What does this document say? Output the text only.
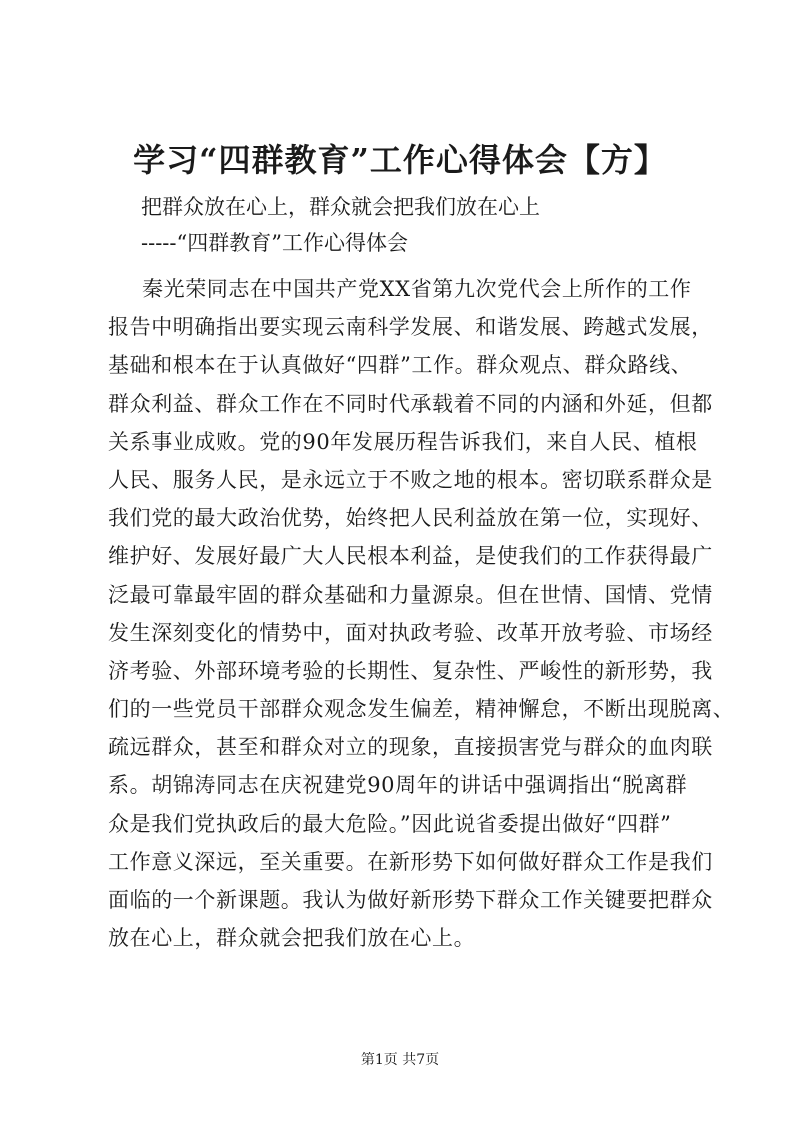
学习“四群教育”工作心得体会【方】
把群众放在心上，群众就会把我们放在心上
-----“四群教育”工作心得体会
秦光荣同志在中国共产党XX省第九次党代会上所作的工作
报告中明确指出要实现云南科学发展、和谐发展、跨越式发展，
基础和根本在于认真做好“四群”工作。群众观点、群众路线、
群众利益、群众工作在不同时代承载着不同的内涵和外延，但都
关系事业成败。党的90年发展历程告诉我们，来自人民、植根
人民、服务人民，是永远立于不败之地的根本。密切联系群众是
我们党的最大政治优势，始终把人民利益放在第一位，实现好、
维护好、发展好最广大人民根本利益，是使我们的工作获得最广
泛最可靠最牢固的群众基础和力量源泉。但在世情、国情、党情
发生深刻变化的情势中，面对执政考验、改革开放考验、市场经
济考验、外部环境考验的长期性、复杂性、严峻性的新形势，我
们的一些党员干部群众观念发生偏差，精神懈怠，不断出现脱离、
疏远群众，甚至和群众对立的现象，直接损害党与群众的血肉联
系。胡锦涛同志在庆祝建党90周年的讲话中强调指出“脱离群
众是我们党执政后的最大危险。”因此说省委提出做好“四群”
工作意义深远，至关重要。在新形势下如何做好群众工作是我们
面临的一个新课题。我认为做好新形势下群众工作关键要把群众
放在心上，群众就会把我们放在心上。
第1页 共7页
